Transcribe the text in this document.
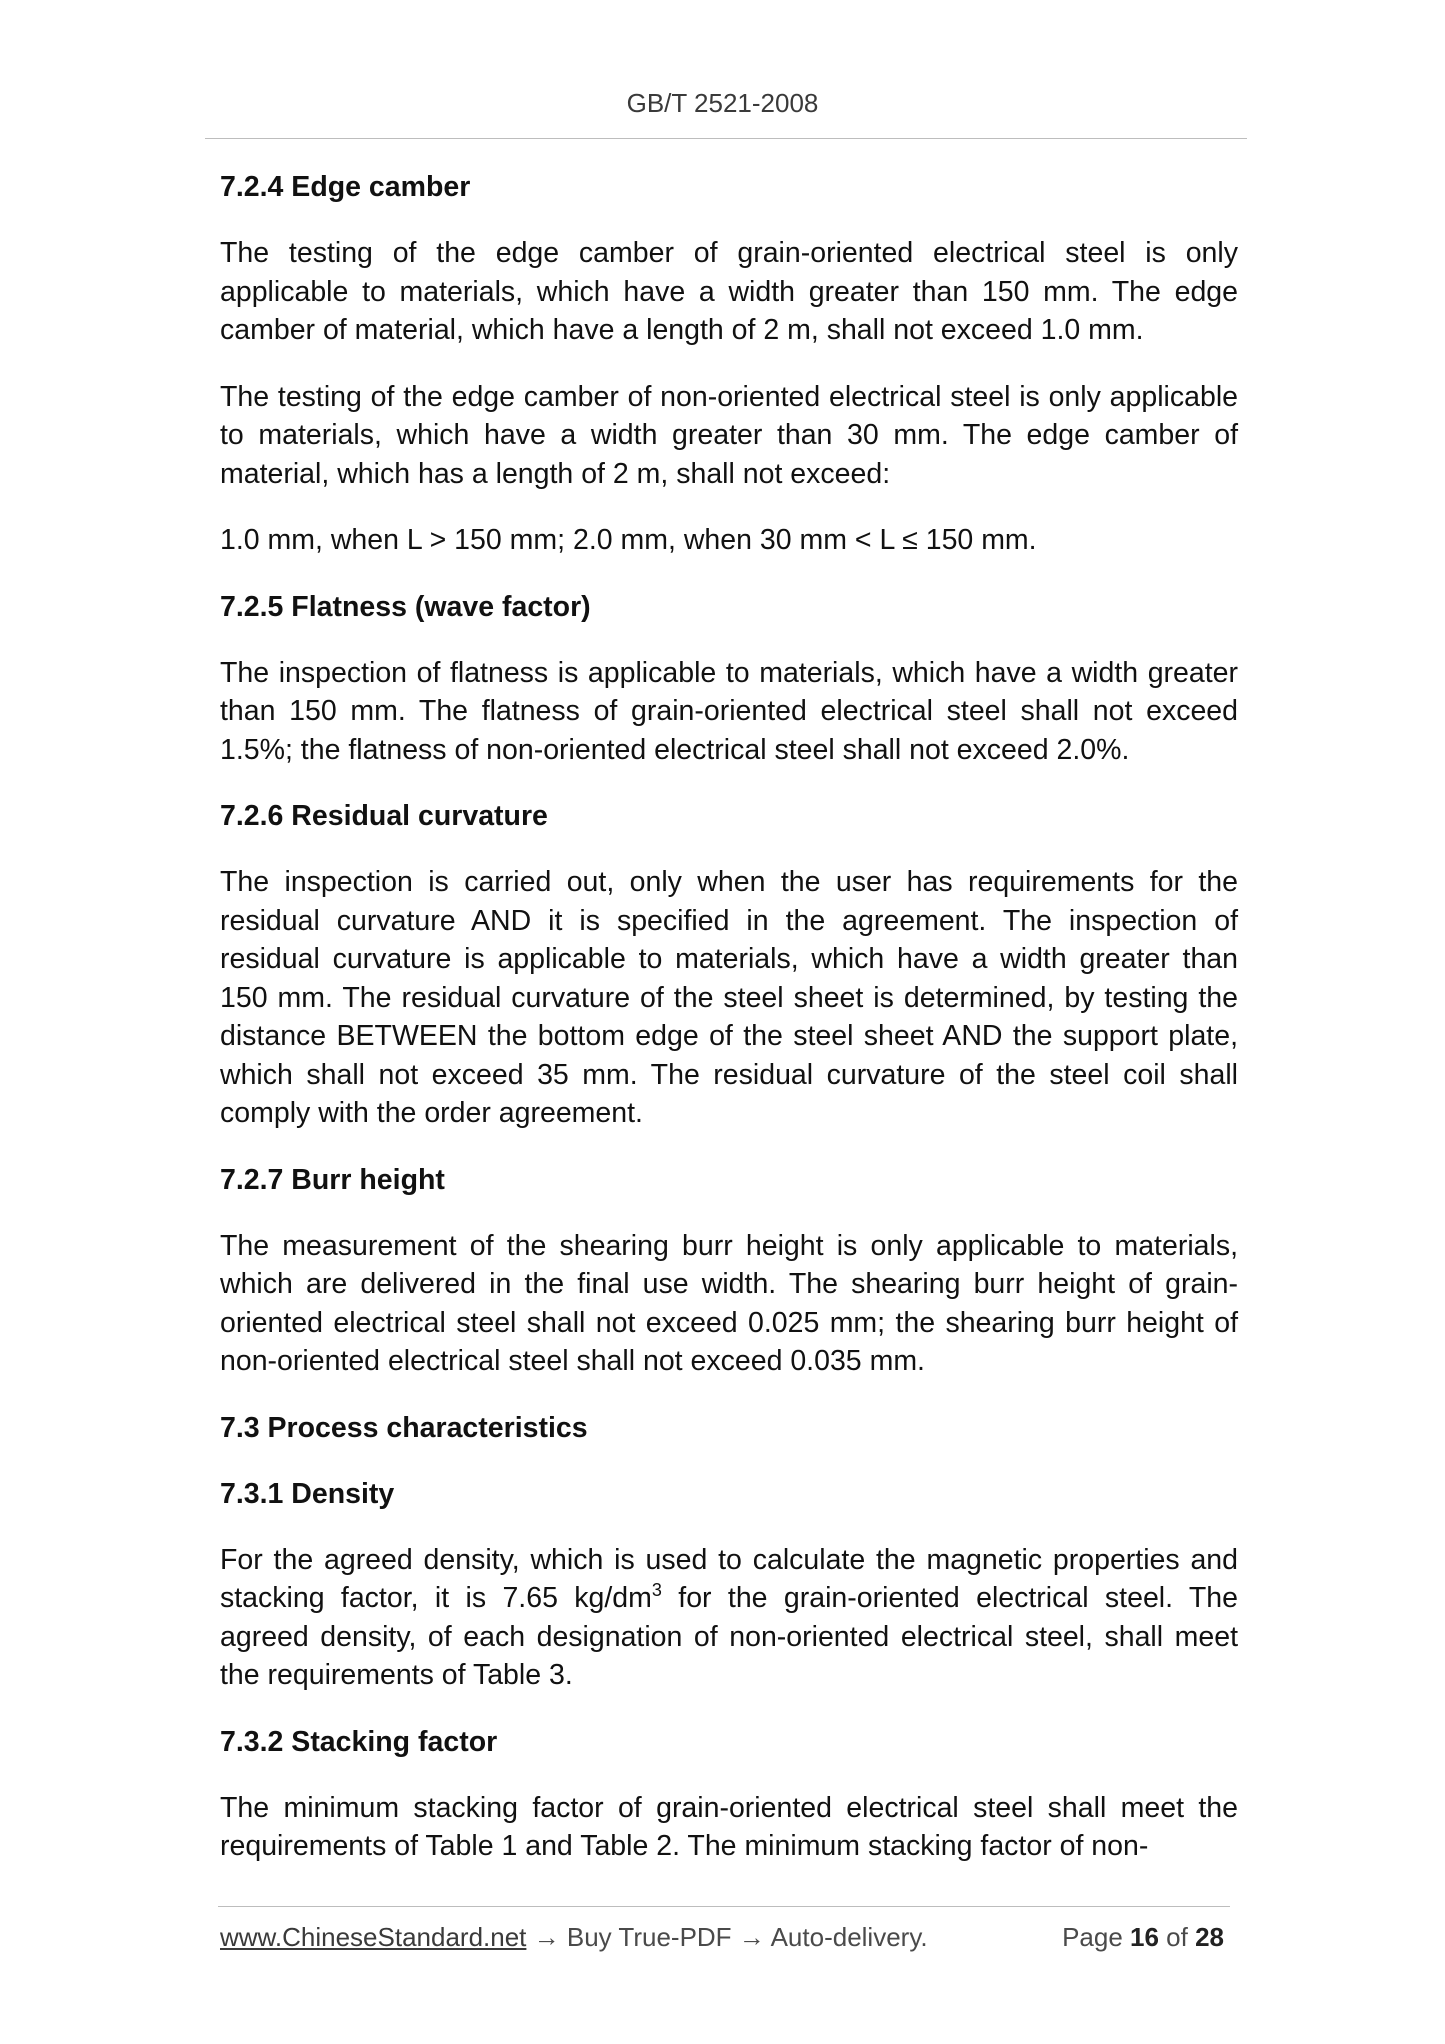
GB/T 2521-2008
7.2.4 Edge camber
The testing of the edge camber of grain-oriented electrical steel is only applicable to materials, which have a width greater than 150 mm. The edge camber of material, which have a length of 2 m, shall not exceed 1.0 mm.
The testing of the edge camber of non-oriented electrical steel is only applicable to materials, which have a width greater than 30 mm. The edge camber of material, which has a length of 2 m, shall not exceed:
1.0 mm, when L > 150 mm; 2.0 mm, when 30 mm < L ≤ 150 mm.
7.2.5 Flatness (wave factor)
The inspection of flatness is applicable to materials, which have a width greater than 150 mm. The flatness of grain-oriented electrical steel shall not exceed 1.5%; the flatness of non-oriented electrical steel shall not exceed 2.0%.
7.2.6 Residual curvature
The inspection is carried out, only when the user has requirements for the residual curvature AND it is specified in the agreement. The inspection of residual curvature is applicable to materials, which have a width greater than 150 mm. The residual curvature of the steel sheet is determined, by testing the distance BETWEEN the bottom edge of the steel sheet AND the support plate, which shall not exceed 35 mm. The residual curvature of the steel coil shall comply with the order agreement.
7.2.7 Burr height
The measurement of the shearing burr height is only applicable to materials, which are delivered in the final use width. The shearing burr height of grain-oriented electrical steel shall not exceed 0.025 mm; the shearing burr height of non-oriented electrical steel shall not exceed 0.035 mm.
7.3 Process characteristics
7.3.1 Density
For the agreed density, which is used to calculate the magnetic properties and stacking factor, it is 7.65 $kg/dm^3$ for the grain-oriented electrical steel. The agreed density, of each designation of non-oriented electrical steel, shall meet the requirements of Table 3.
7.3.2 Stacking factor
The minimum stacking factor of grain-oriented electrical steel shall meet the requirements of Table 1 and Table 2. The minimum stacking factor of non-
www.ChineseStandard.net → Buy True-PDF → Auto-delivery.	Page 16 of 28
